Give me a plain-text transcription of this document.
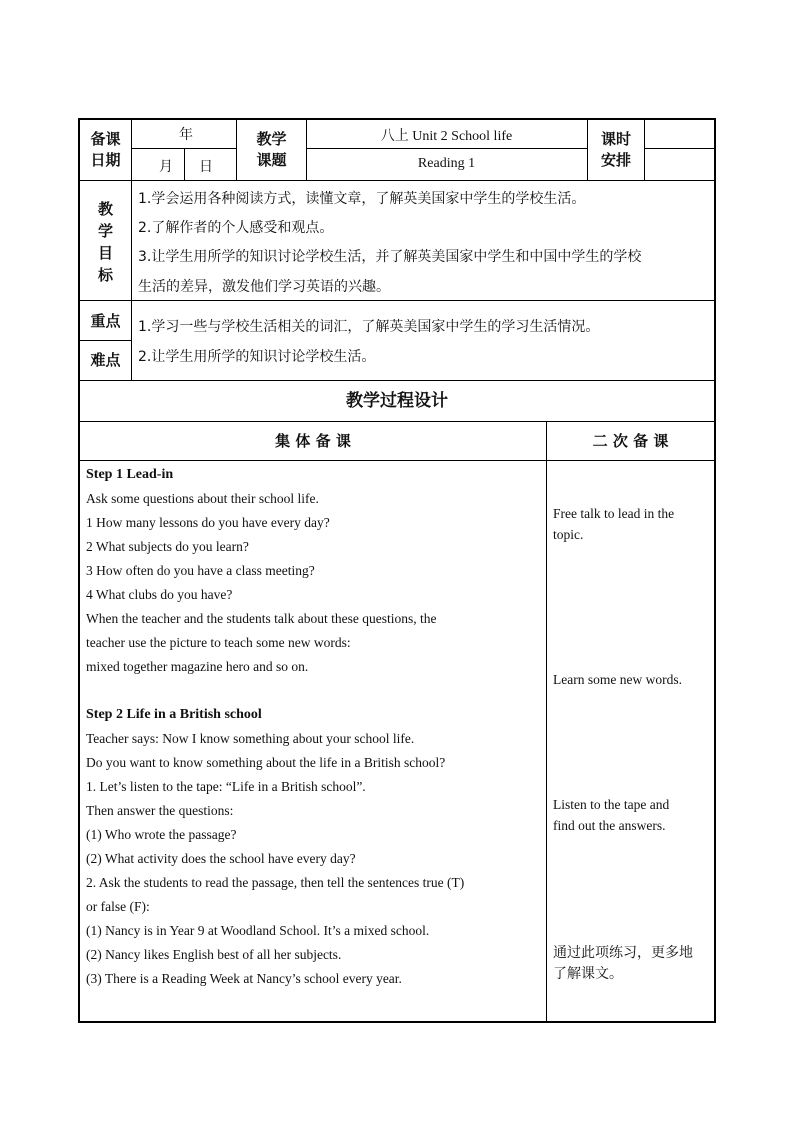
备课
日期
年
月 日
教学
课题
八上 Unit 2 School life
Reading 1
课时
安排
教
学
目
标
1.学会运用各种阅读方式，读懂文章，了解英美国家中学生的学校生活。
2.了解作者的个人感受和观点。
3.让学生用所学的知识讨论学校生活，并了解英美国家中学生和中国中学生的学校
生活的差异，激发他们学习英语的兴趣。
重点
难点
1.学习一些与学校生活相关的词汇，了解英美国家中学生的学习生活情况。
2.让学生用所学的知识讨论学校生活。
教学过程设计
集 体 备 课	二 次 备 课
Step 1 Lead-in
Ask some questions about their school life.
1 How many lessons do you have every day?
2 What subjects do you learn?
3 How often do you have a class meeting?
4 What clubs do you have?
When the teacher and the students talk about these questions, the
teacher use the picture to teach some new words:
mixed together magazine hero and so on.
Step 2 Life in a British school
Teacher says: Now I know something about your school life.
Do you want to know something about the life in a British school?
1. Let’s listen to the tape: “Life in a British school”.
Then answer the questions:
(1) Who wrote the passage?
(2) What activity does the school have every day?
2. Ask the students to read the passage, then tell the sentences true (T)
or false (F):
(1) Nancy is in Year 9 at Woodland School. It’s a mixed school.
(2) Nancy likes English best of all her subjects.
(3) There is a Reading Week at Nancy’s school every year.
Free talk to lead in the
topic.
Learn some new words.
Listen to the tape and
find out the answers.
通过此项练习，更多地
了解课文。
